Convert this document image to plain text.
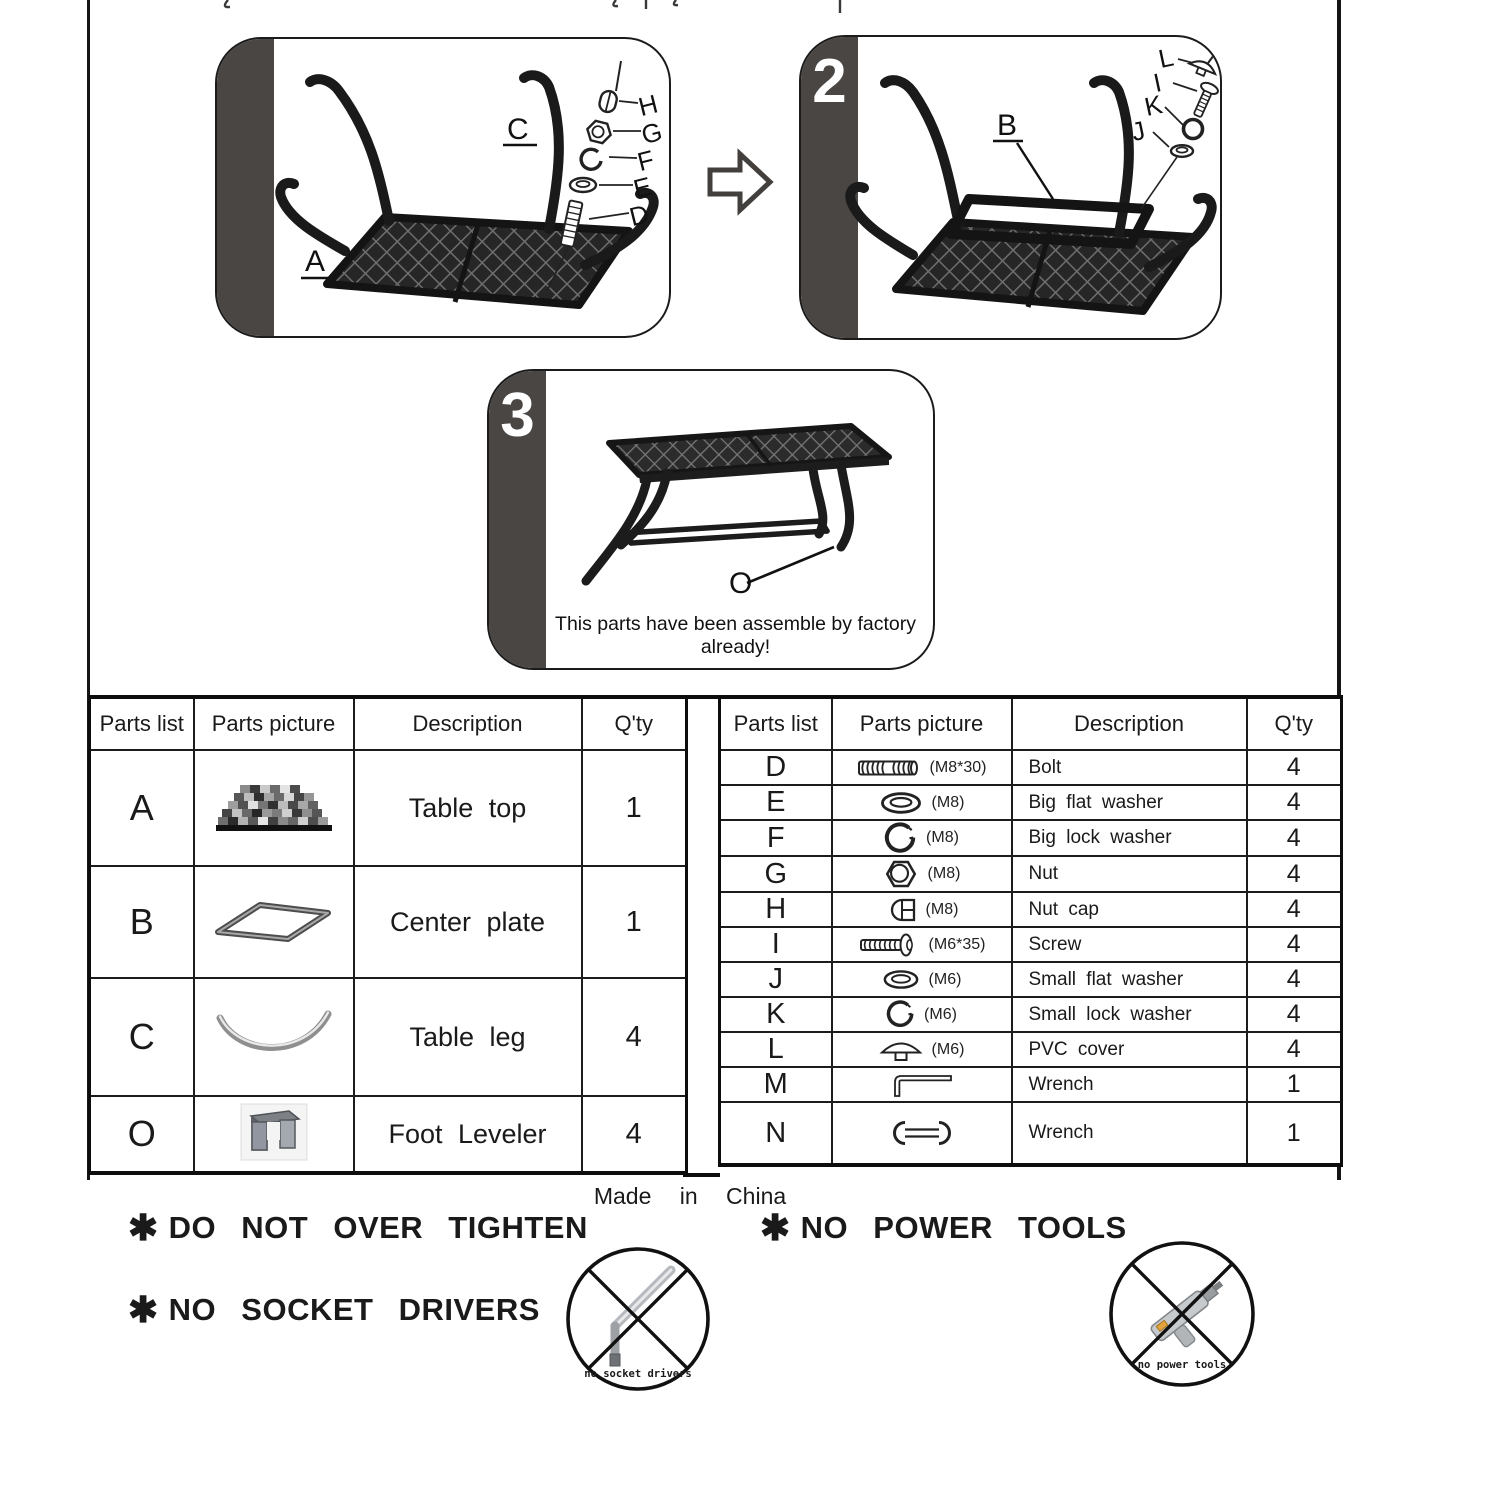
H
G
F
E
D
C
A
2	L
I
K
J
B
3
O
This parts have been assemble by factory already!
Parts list	Parts picture	Description	Q'ty
A		Table top	1
B		Center plate	1
C		Table leg	4
O		Foot Leveler	4
Parts list	Parts picture	Description	Q'ty
D	(M8*30)	Bolt	4
E	(M8)	Big flat washer	4
F	(M8)	Big lock washer	4
G	(M8)	Nut	4
H	(M8)	Nut cap	4
I	(M6*35)	Screw	4
J	(M6)	Small flat washer	4
K	(M6)	Small lock washer	4
L	(M6)	PVC cover	4
M		Wrench	1
N		Wrench	1
Made in China
✱ DO NOT OVER TIGHTEN	✱ NO POWER TOOLS
✱ NO SOCKET DRIVERS
no socket drivers
no power tools
